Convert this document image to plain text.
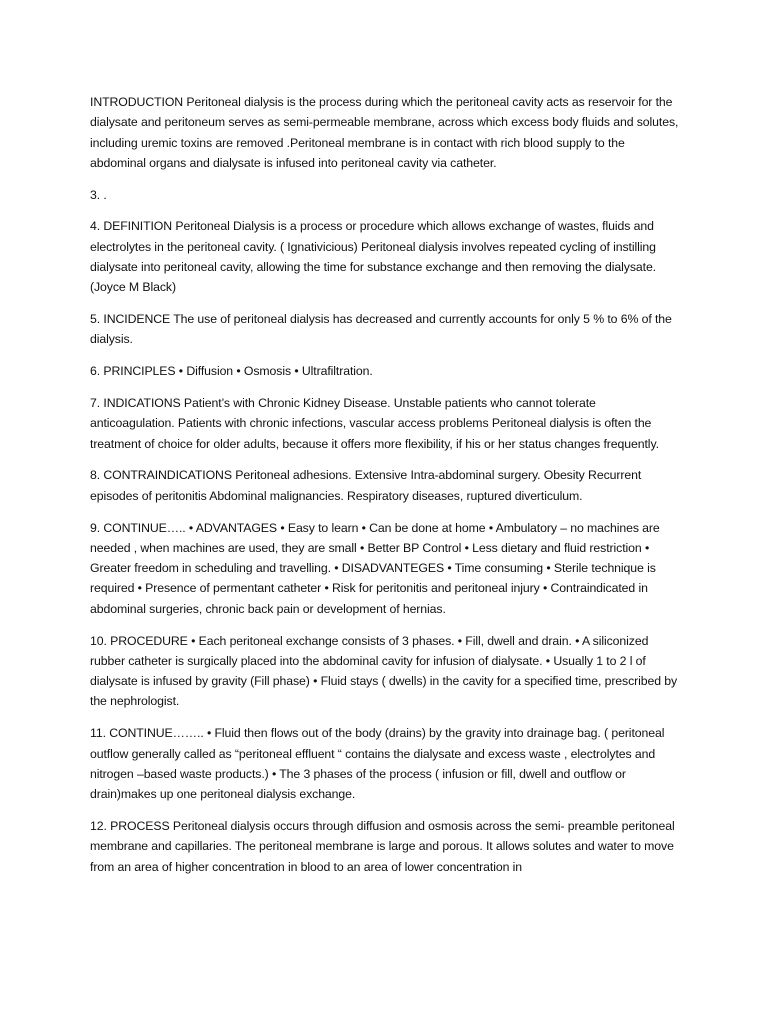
INTRODUCTION Peritoneal dialysis is the process during which the peritoneal cavity acts as reservoir for the dialysate and peritoneum serves as semi-permeable membrane, across which excess body fluids and solutes, including uremic toxins are removed .Peritoneal membrane is in contact with rich blood supply to the abdominal organs and dialysate is infused into peritoneal cavity via catheter.

3. .

4. DEFINITION Peritoneal Dialysis is a process or procedure which allows exchange of wastes, fluids and electrolytes in the peritoneal cavity. ( Ignativicious) Peritoneal dialysis involves repeated cycling of instilling dialysate into peritoneal cavity, allowing the time for substance exchange and then removing the dialysate. (Joyce M Black)

5. INCIDENCE The use of peritoneal dialysis has decreased and currently accounts for only 5 % to 6% of the dialysis.

6. PRINCIPLES • Diffusion • Osmosis • Ultrafiltration.

7. INDICATIONS Patient’s with Chronic Kidney Disease. Unstable patients who cannot tolerate anticoagulation. Patients with chronic infections, vascular access problems Peritoneal dialysis is often the treatment of choice for older adults, because it offers more flexibility, if his or her status changes frequently.

8. CONTRAINDICATIONS Peritoneal adhesions. Extensive Intra-abdominal surgery. Obesity Recurrent episodes of peritonitis Abdominal malignancies. Respiratory diseases, ruptured diverticulum.

9. CONTINUE….. • ADVANTAGES • Easy to learn • Can be done at home • Ambulatory – no machines are needed , when machines are used, they are small • Better BP Control • Less dietary and fluid restriction • Greater freedom in scheduling and travelling. • DISADVANTEGES • Time consuming • Sterile technique is required • Presence of permentant catheter • Risk for peritonitis and peritoneal injury • Contraindicated in abdominal surgeries, chronic back pain or development of hernias.

10. PROCEDURE • Each peritoneal exchange consists of 3 phases. • Fill, dwell and drain. • A siliconized rubber catheter is surgically placed into the abdominal cavity for infusion of dialysate. • Usually 1 to 2 l of dialysate is infused by gravity (Fill phase) • Fluid stays ( dwells) in the cavity for a specified time, prescribed by the nephrologist.

11. CONTINUE…….. • Fluid then flows out of the body (drains) by the gravity into drainage bag. ( peritoneal outflow generally called as “peritoneal effluent “ contains the dialysate and excess waste , electrolytes and nitrogen –based waste products.) • The 3 phases of the process ( infusion or fill, dwell and outflow or drain)makes up one peritoneal dialysis exchange.

12. PROCESS Peritoneal dialysis occurs through diffusion and osmosis across the semi- preamble peritoneal membrane and capillaries. The peritoneal membrane is large and porous. It allows solutes and water to move from an area of higher concentration in blood to an area of lower concentration in
